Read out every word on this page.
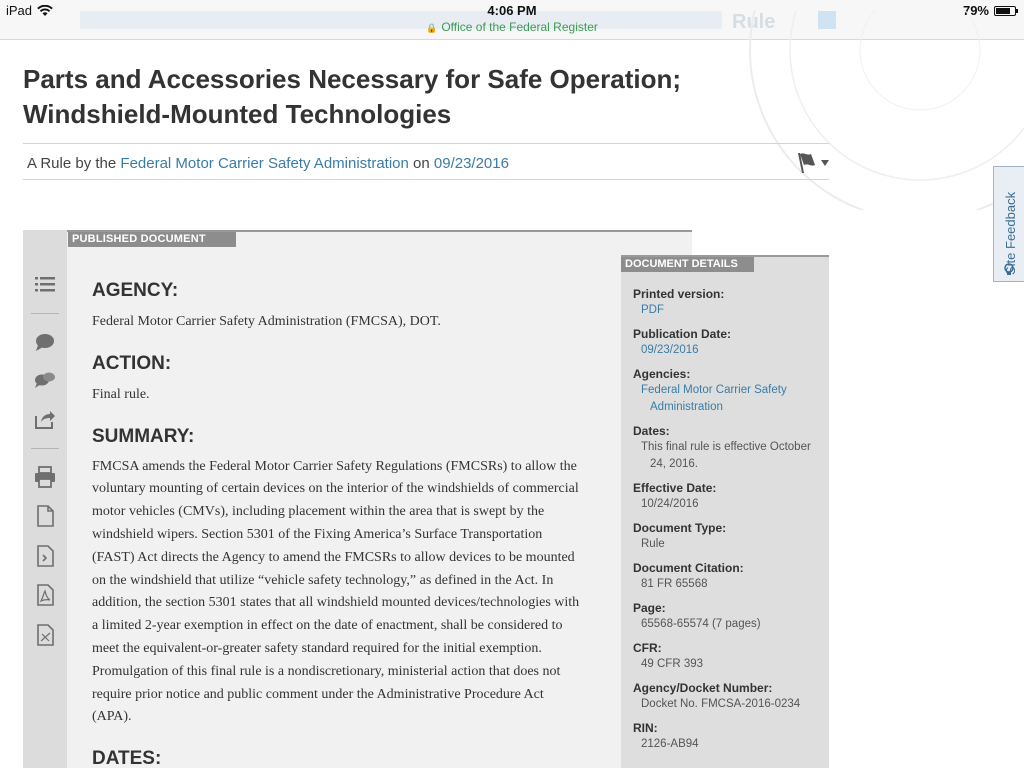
Rule
iPad	4:06 PM	79%
🔒 Office of the Federal Register
Parts and Accessories Necessary for Safe Operation;
Windshield-Mounted Technologies
A Rule by the Federal Motor Carrier Safety Administration on 09/23/2016
Site Feedback
PUBLISHED DOCUMENT
AGENCY:

Federal Motor Carrier Safety Administration (FMCSA), DOT.

ACTION:

Final rule.

SUMMARY:

FMCSA amends the Federal Motor Carrier Safety Regulations (FMCSRs) to allow the voluntary mounting of certain devices on the interior of the windshields of commercial motor vehicles (CMVs), including placement within the area that is swept by the windshield wipers. Section 5301 of the Fixing America’s Surface Transportation (FAST) Act directs the Agency to amend the FMCSRs to allow devices to be mounted on the windshield that utilize “vehicle safety technology,” as defined in the Act. In addition, the section 5301 states that all windshield mounted devices/technologies with a limited 2-year exemption in effect on the date of enactment, shall be considered to meet the equivalent-or-greater safety standard required for the initial exemption. Promulgation of this final rule is a nondiscretionary, ministerial action that does not require prior notice and public comment under the Administrative Procedure Act (APA).

DATES:
DOCUMENT DETAILS
Printed version:
PDF
Publication Date:
09/23/2016
Agencies:
Federal Motor Carrier Safety
Administration
Dates:
This final rule is effective October
24, 2016.
Effective Date:
10/24/2016
Document Type:
Rule
Document Citation:
81 FR 65568
Page:
65568-65574 (7 pages)
CFR:
49 CFR 393
Agency/Docket Number:
Docket No. FMCSA-2016-0234
RIN:
2126-AB94
